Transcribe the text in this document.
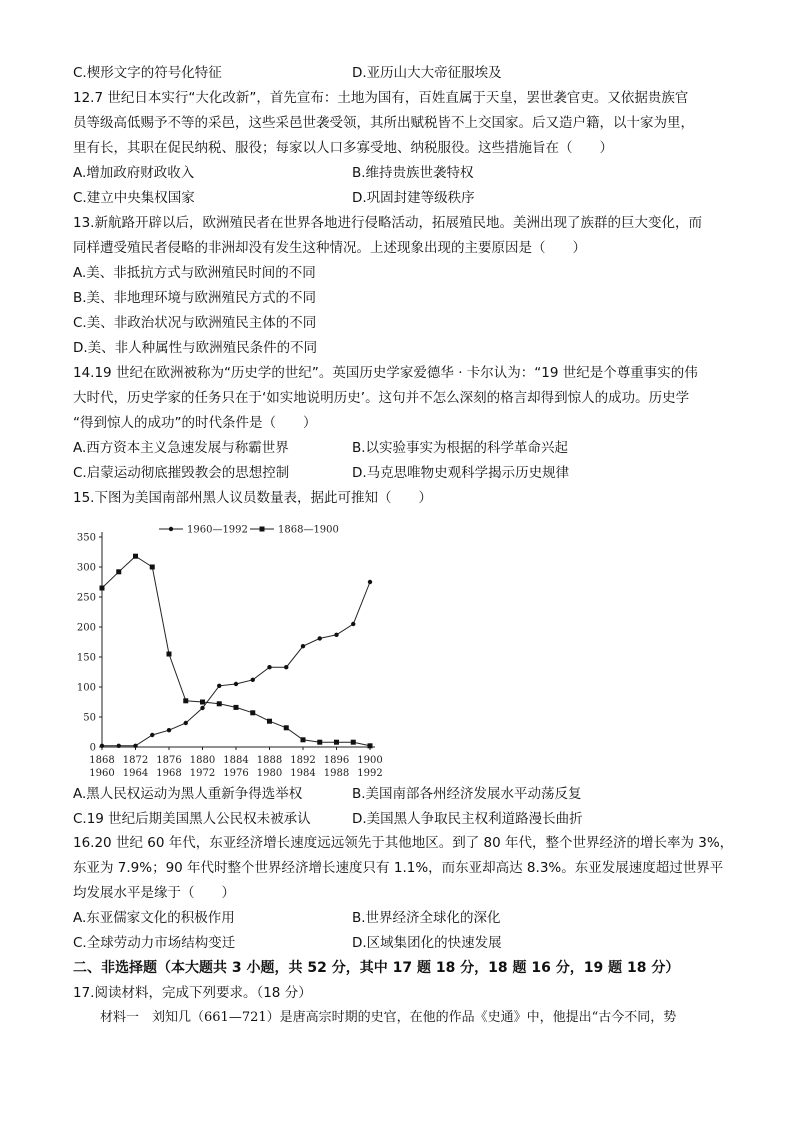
C.楔形文字的符号化特征	D.亚历山大大帝征服埃及
12.7 世纪日本实行“大化改新”，首先宣布：土地为国有，百姓直属于天皇，罢世袭官吏。又依据贵族官
员等级高低赐予不等的采邑，这些采邑世袭受领，其所出赋税皆不上交国家。后又造户籍，以十家为里，
里有长，其职在促民纳税、服役；每家以人口多寡受地、纳税服役。这些措施旨在（　　）
A.增加政府财政收入	B.维持贵族世袭特权
C.建立中央集权国家	D.巩固封建等级秩序
13.新航路开辟以后，欧洲殖民者在世界各地进行侵略活动，拓展殖民地。美洲出现了族群的巨大变化，而
同样遭受殖民者侵略的非洲却没有发生这种情况。上述现象出现的主要原因是（　　）
A.美、非抵抗方式与欧洲殖民时间的不同
B.美、非地理环境与欧洲殖民方式的不同
C.美、非政治状况与欧洲殖民主体的不同
D.美、非人种属性与欧洲殖民条件的不同
14.19 世纪在欧洲被称为“历史学的世纪”。英国历史学家爱德华 · 卡尔认为：“19 世纪是个尊重事实的伟
大时代，历史学家的任务只在于‘如实地说明历史’。这句并不怎么深刻的格言却得到惊人的成功。历史学
“得到惊人的成功”的时代条件是（　　）
A.西方资本主义急速发展与称霸世界	B.以实验事实为根据的科学革命兴起
C.启蒙运动彻底摧毁教会的思想控制	D.马克思唯物史观科学揭示历史规律
15.下图为美国南部州黑人议员数量表，据此可推知（　　）
0
50
100
150
200
250
300
350
1868
1960
1872
1964
1876
1968
1880
1972
1884
1976
1888
1980
1892
1984
1896
1988
1900
1992
1960—1992	1868—1900
A.黑人民权运动为黑人重新争得选举权	B.美国南部各州经济发展水平动荡反复
C.19 世纪后期美国黑人公民权未被承认	D.美国黑人争取民主权利道路漫长曲折
16.20 世纪 60 年代，东亚经济增长速度远远领先于其他地区。到了 80 年代，整个世界经济的增长率为 3%，
东亚为 7.9%；90 年代时整个世界经济增长速度只有 1.1%，而东亚却高达 8.3%。东亚发展速度超过世界平
均发展水平是缘于（　　）
A.东亚儒家文化的积极作用	B.世界经济全球化的深化
C.全球劳动力市场结构变迁	D.区域集团化的快速发展
二、非选择题（本大题共 3 小题，共 52 分，其中 17 题 18 分，18 题 16 分，19 题 18 分）
17.阅读材料，完成下列要求。（18 分）
材料一　刘知几（661—721）是唐高宗时期的史官，在他的作品《史通》中，他提出“古今不同，势
